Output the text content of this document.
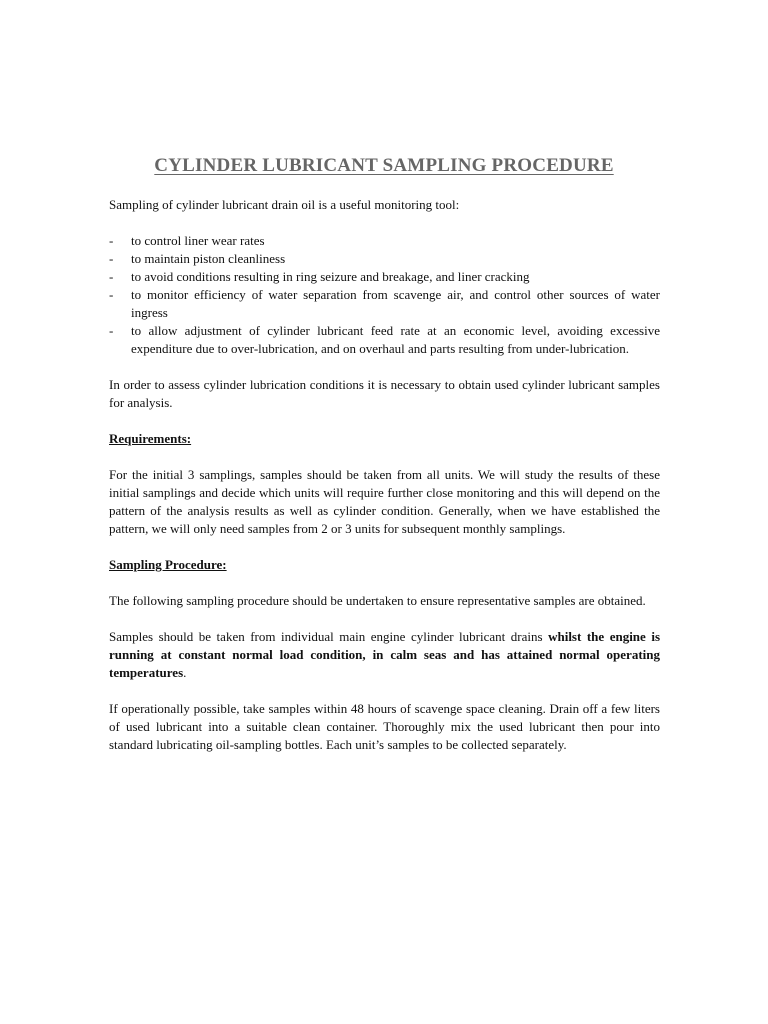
CYLINDER LUBRICANT SAMPLING PROCEDURE

Sampling of cylinder lubricant drain oil is a useful monitoring tool:

- to control liner wear rates
- to maintain piston cleanliness
- to avoid conditions resulting in ring seizure and breakage, and liner cracking
- to monitor efficiency of water separation from scavenge air, and control other sources of water ingress
- to allow adjustment of cylinder lubricant feed rate at an economic level, avoiding excessive expenditure due to over-lubrication, and on overhaul and parts resulting from under-lubrication.

In order to assess cylinder lubrication conditions it is necessary to obtain used cylinder lubricant samples for analysis.

Requirements:

For the initial 3 samplings, samples should be taken from all units. We will study the results of these initial samplings and decide which units will require further close monitoring and this will depend on the pattern of the analysis results as well as cylinder condition. Generally, when we have established the pattern, we will only need samples from 2 or 3 units for subsequent monthly samplings.

Sampling Procedure:

The following sampling procedure should be undertaken to ensure representative samples are obtained.

Samples should be taken from individual main engine cylinder lubricant drains whilst the engine is running at constant normal load condition, in calm seas and has attained normal operating temperatures.

If operationally possible, take samples within 48 hours of scavenge space cleaning. Drain off a few liters of used lubricant into a suitable clean container. Thoroughly mix the used lubricant then pour into standard lubricating oil-sampling bottles. Each unit’s samples to be collected separately.
